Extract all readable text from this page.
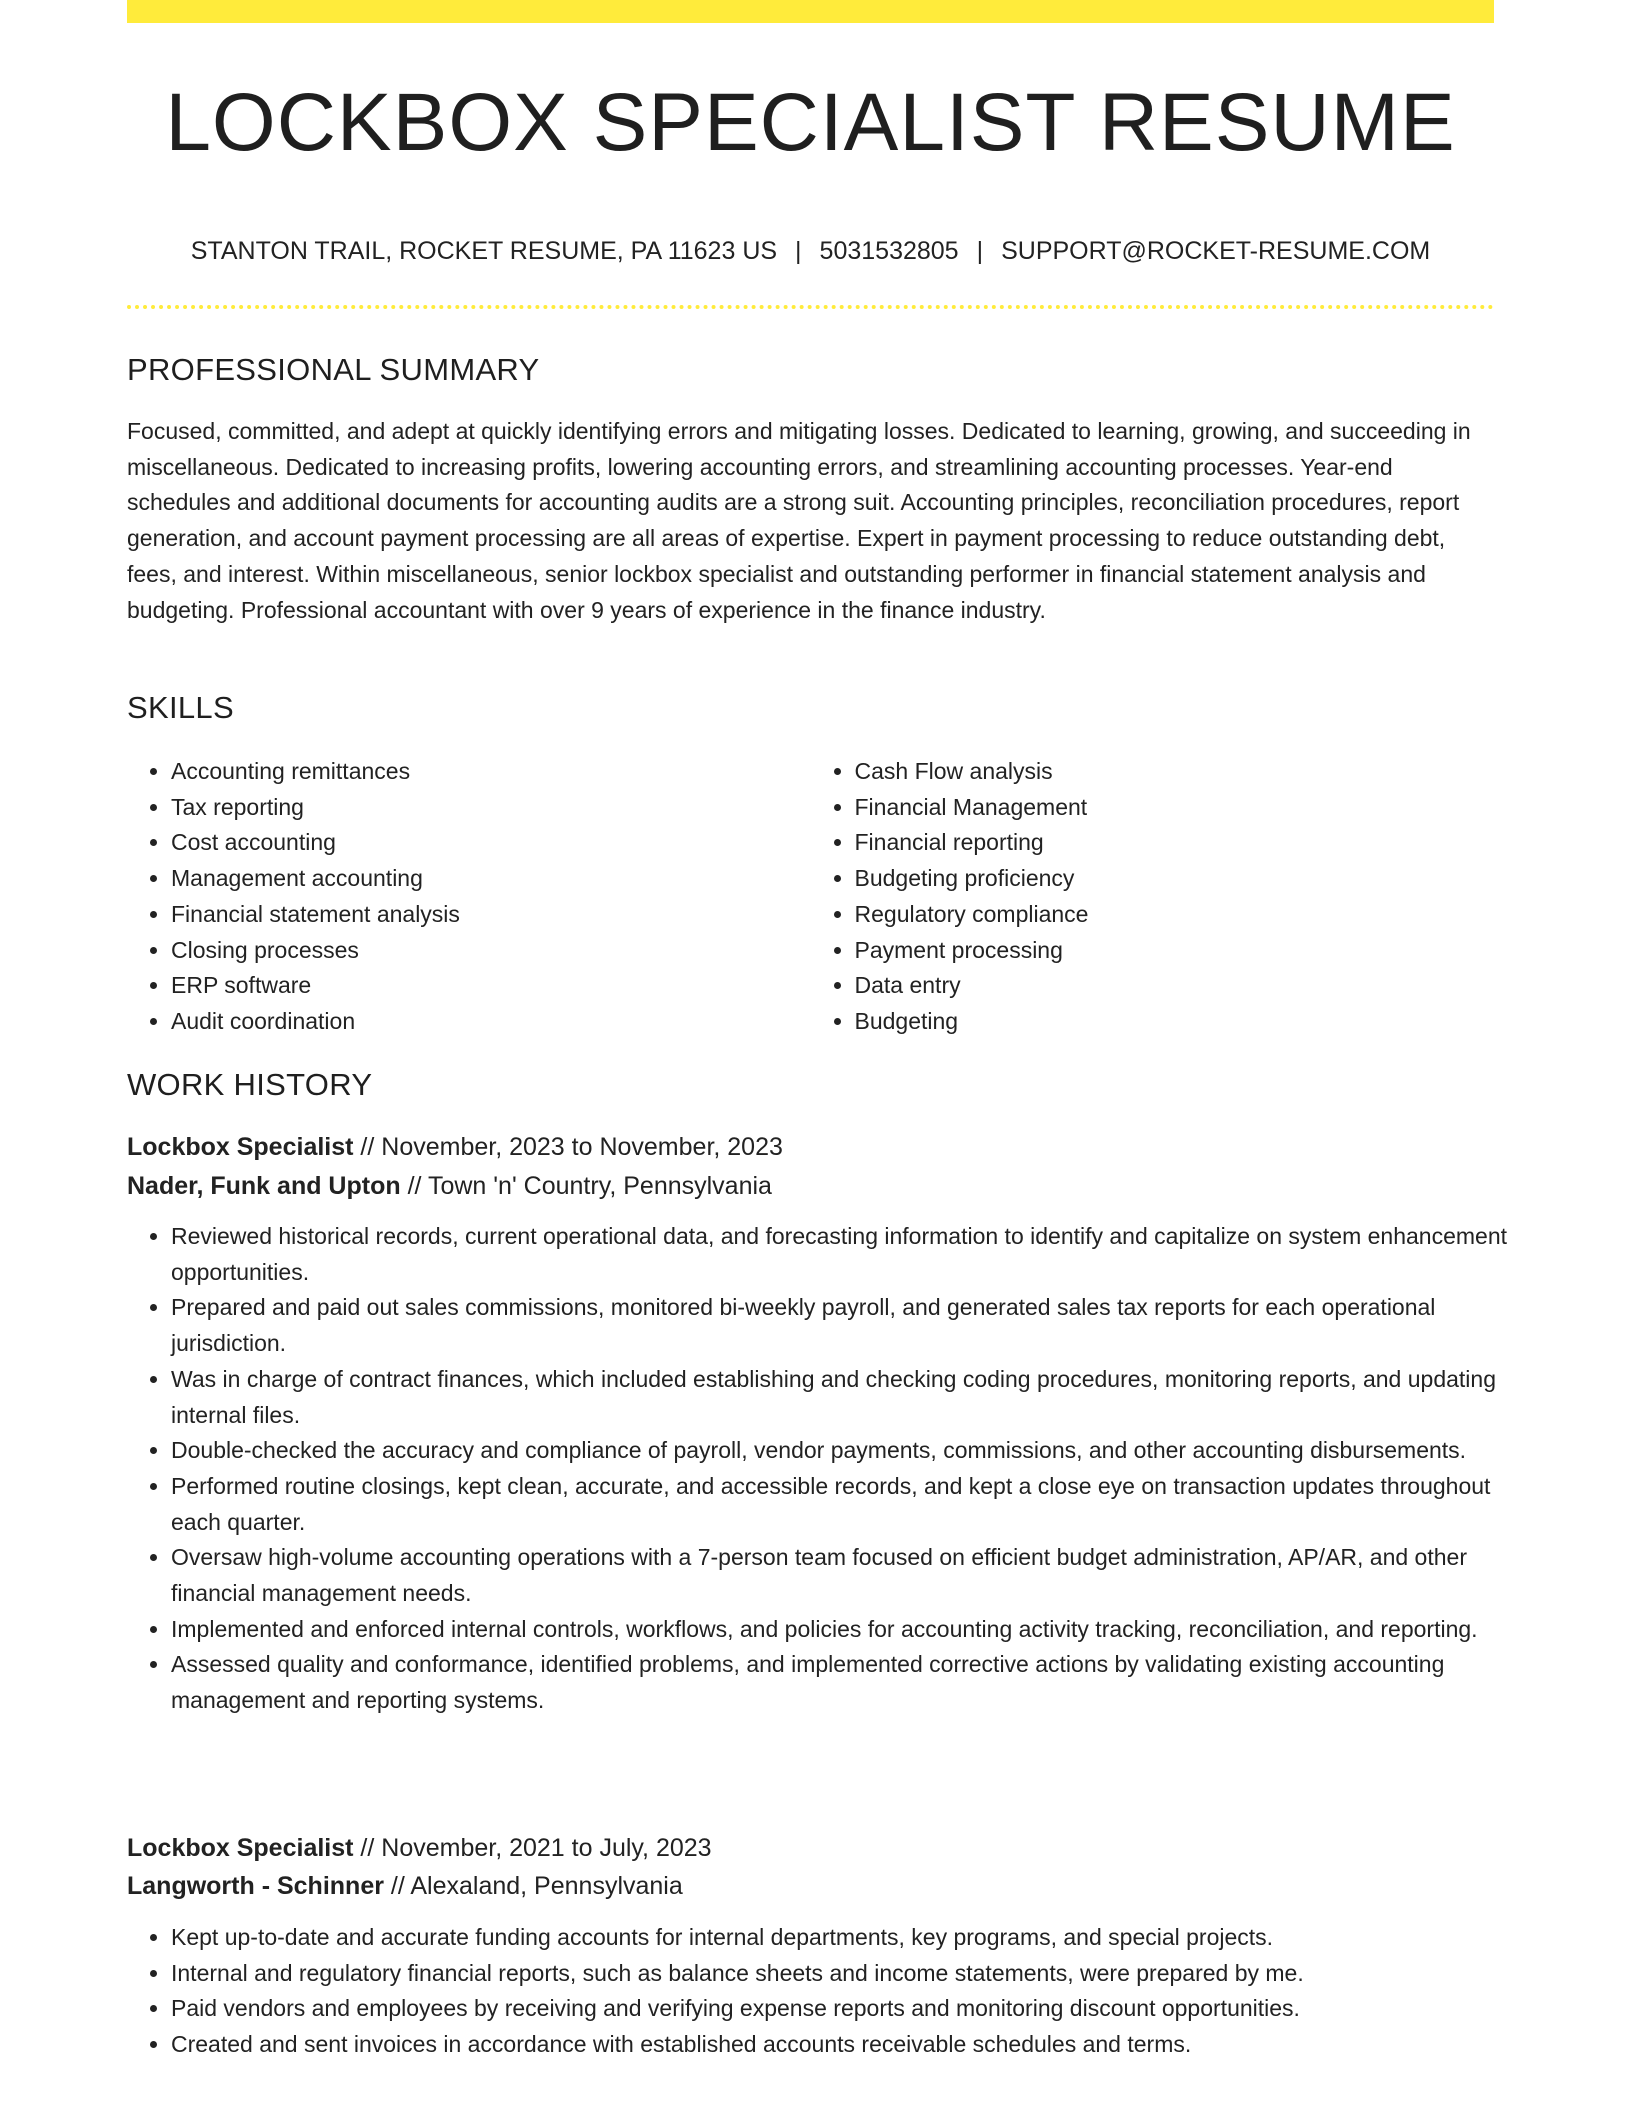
LOCKBOX SPECIALIST RESUME
STANTON TRAIL, ROCKET RESUME, PA 11623 US | 5031532805 | SUPPORT@ROCKET-RESUME.COM
PROFESSIONAL SUMMARY

Focused, committed, and adept at quickly identifying errors and mitigating losses. Dedicated to learning, growing, and succeeding in miscellaneous. Dedicated to increasing profits, lowering accounting errors, and streamlining accounting processes. Year-end schedules and additional documents for accounting audits are a strong suit. Accounting principles, reconciliation procedures, report generation, and account payment processing are all areas of expertise. Expert in payment processing to reduce outstanding debt, fees, and interest. Within miscellaneous, senior lockbox specialist and outstanding performer in financial statement analysis and budgeting. Professional accountant with over 9 years of experience in the finance industry.

SKILLS
• Accounting remittances
• Tax reporting
• Cost accounting
• Management accounting
• Financial statement analysis
• Closing processes
• ERP software
• Audit coordination
• Cash Flow analysis
• Financial Management
• Financial reporting
• Budgeting proficiency
• Regulatory compliance
• Payment processing
• Data entry
• Budgeting
WORK HISTORY
Lockbox Specialist // November, 2023 to November, 2023
Nader, Funk and Upton // Town 'n' Country, Pennsylvania
• Reviewed historical records, current operational data, and forecasting information to identify and capitalize on system enhancement opportunities.
• Prepared and paid out sales commissions, monitored bi-weekly payroll, and generated sales tax reports for each operational jurisdiction.
• Was in charge of contract finances, which included establishing and checking coding procedures, monitoring reports, and updating internal files.
• Double-checked the accuracy and compliance of payroll, vendor payments, commissions, and other accounting disbursements.
• Performed routine closings, kept clean, accurate, and accessible records, and kept a close eye on transaction updates throughout each quarter.
• Oversaw high-volume accounting operations with a 7-person team focused on efficient budget administration, AP/AR, and other financial management needs.
• Implemented and enforced internal controls, workflows, and policies for accounting activity tracking, reconciliation, and reporting.
• Assessed quality and conformance, identified problems, and implemented corrective actions by validating existing accounting management and reporting systems.
Lockbox Specialist // November, 2021 to July, 2023
Langworth - Schinner // Alexaland, Pennsylvania
• Kept up-to-date and accurate funding accounts for internal departments, key programs, and special projects.
• Internal and regulatory financial reports, such as balance sheets and income statements, were prepared by me.
• Paid vendors and employees by receiving and verifying expense reports and monitoring discount opportunities.
• Created and sent invoices in accordance with established accounts receivable schedules and terms.
